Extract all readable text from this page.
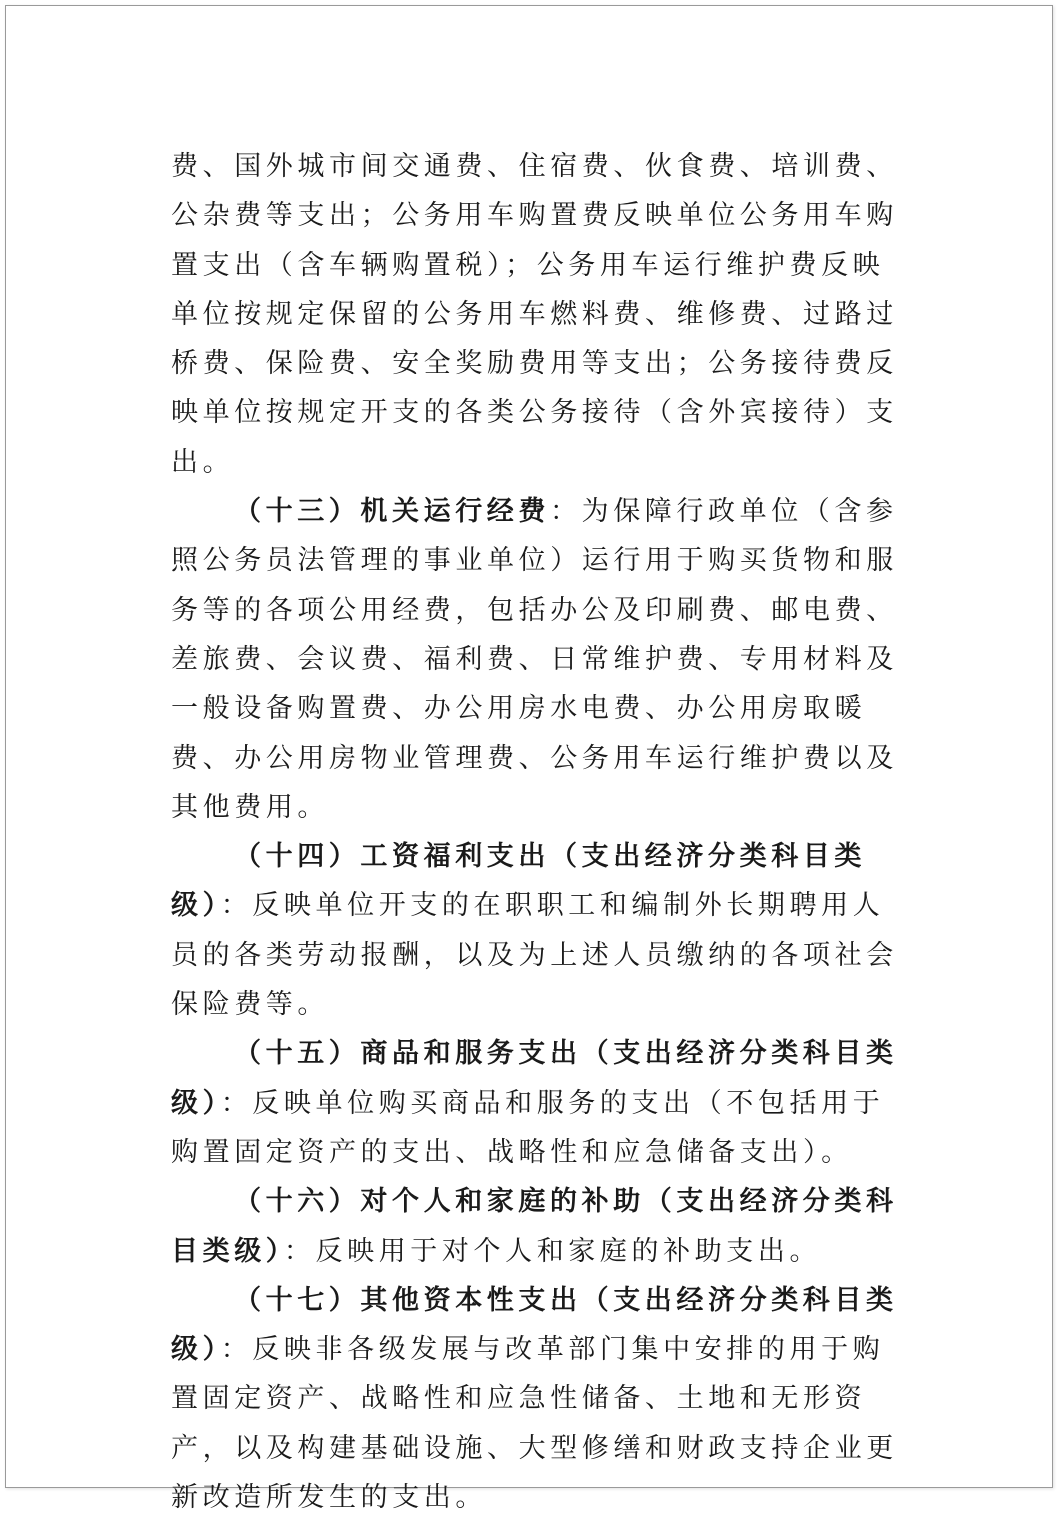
费、国外城市间交通费、住宿费、伙食费、培训费、公杂费等支出；公务用车购置费反映单位公务用车购置支出（含车辆购置税）；公务用车运行维护费反映单位按规定保留的公务用车燃料费、维修费、过路过桥费、保险费、安全奖励费用等支出；公务接待费反映单位按规定开支的各类公务接待（含外宾接待）支出。

（十三）机关运行经费：为保障行政单位（含参照公务员法管理的事业单位）运行用于购买货物和服务等的各项公用经费，包括办公及印刷费、邮电费、差旅费、会议费、福利费、日常维护费、专用材料及一般设备购置费、办公用房水电费、办公用房取暖费、办公用房物业管理费、公务用车运行维护费以及其他费用。

（十四）工资福利支出（支出经济分类科目类级）：反映单位开支的在职职工和编制外长期聘用人员的各类劳动报酬，以及为上述人员缴纳的各项社会保险费等。

（十五）商品和服务支出（支出经济分类科目类级）：反映单位购买商品和服务的支出（不包括用于购置固定资产的支出、战略性和应急储备支出）。

（十六）对个人和家庭的补助（支出经济分类科目类级）：反映用于对个人和家庭的补助支出。

（十七）其他资本性支出（支出经济分类科目类级）：反映非各级发展与改革部门集中安排的用于购置固定资产、战略性和应急性储备、土地和无形资产，以及构建基础设施、大型修缮和财政支持企业更新改造所发生的支出。
